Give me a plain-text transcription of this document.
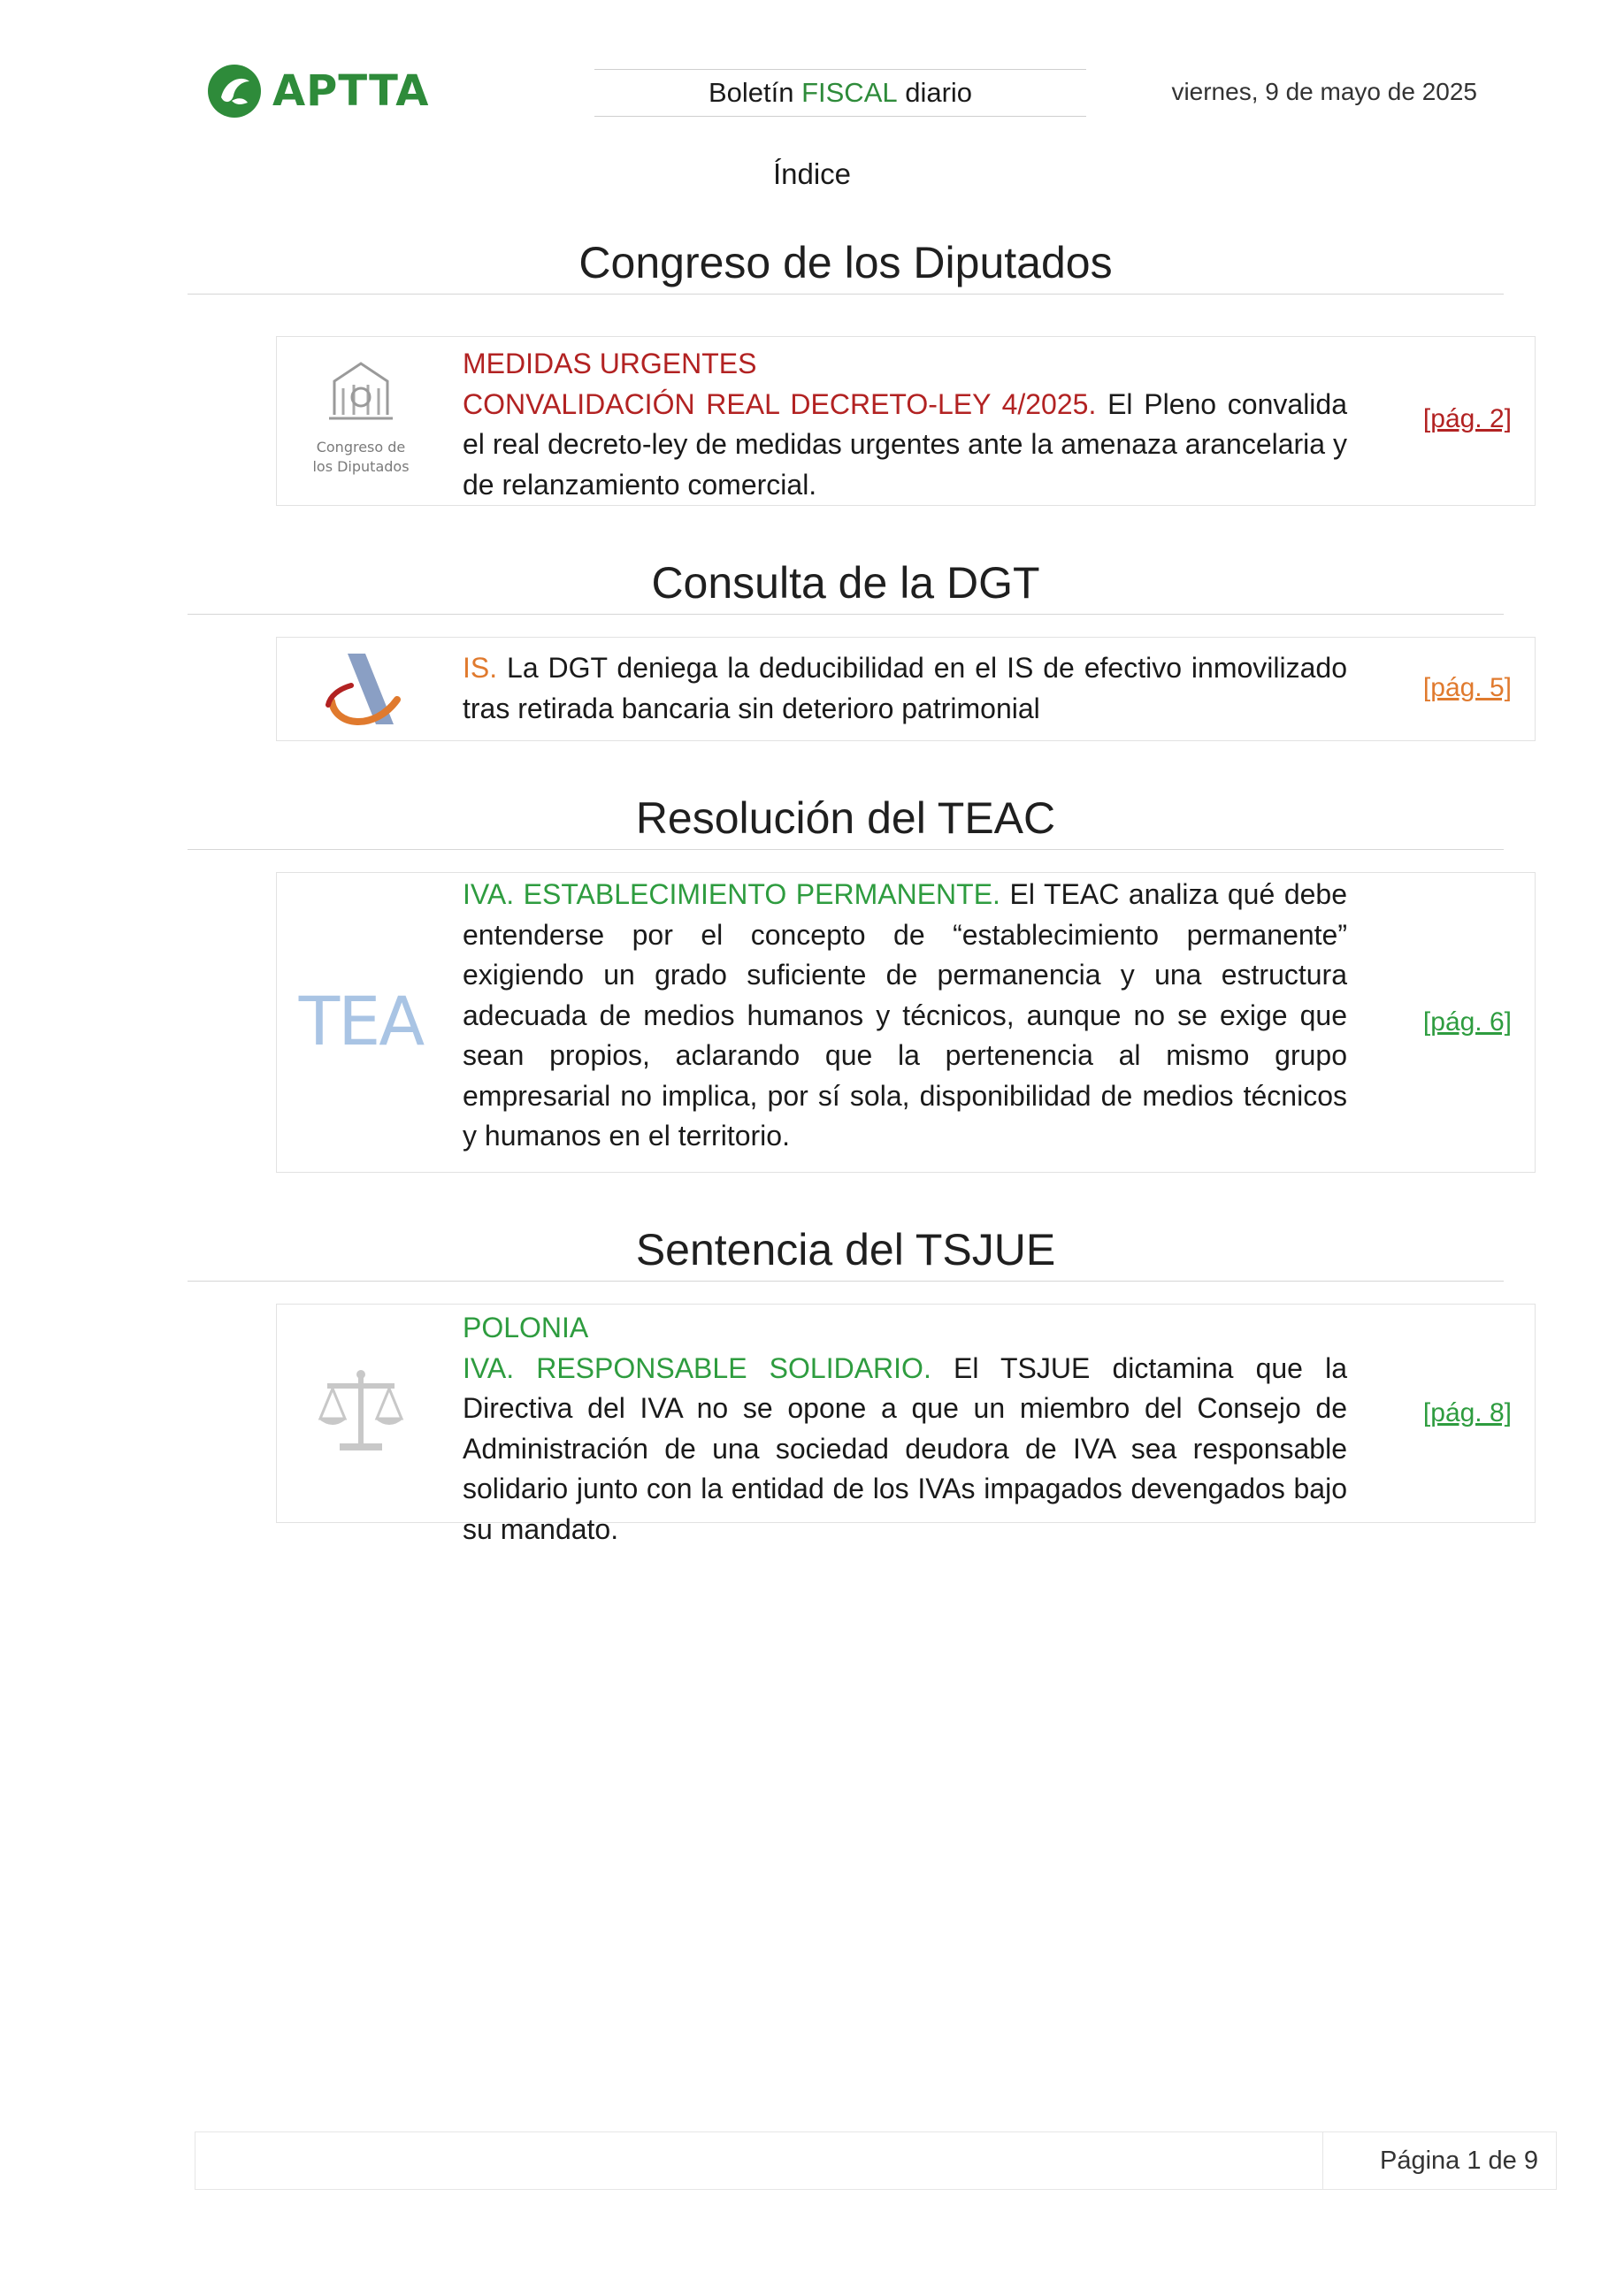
APTTA	Boletín FISCAL diario	viernes, 9 de mayo de 2025
Índice
Congreso de los Diputados
Congreso de
los Diputados
MEDIDAS URGENTES
CONVALIDACIÓN REAL DECRETO-LEY 4/2025. El Pleno convalida el real decreto-ley de medidas urgentes ante la amenaza arancelaria y de relanzamiento comercial.
[pág. 2]
Consulta de la DGT
IS. La DGT deniega la deducibilidad en el IS de efectivo inmovilizado tras retirada bancaria sin deterioro patrimonial
[pág. 5]
Resolución del TEAC
TEA
IVA. ESTABLECIMIENTO PERMANENTE. El TEAC analiza qué debe entenderse por el concepto de “establecimiento permanente” exigiendo un grado suficiente de permanencia y una estructura adecuada de medios humanos y técnicos, aunque no se exige que sean propios, aclarando que la pertenencia al mismo grupo empresarial no implica, por sí sola, disponibilidad de medios técnicos y humanos en el territorio.
[pág. 6]
Sentencia del TSJUE
POLONIA
IVA. RESPONSABLE SOLIDARIO. El TSJUE dictamina que la Directiva del IVA no se opone a que un miembro del Consejo de Administración de una sociedad deudora de IVA sea responsable solidario junto con la entidad de los IVAs impagados devengados bajo su mandato.
[pág. 8]
Página 1 de 9
